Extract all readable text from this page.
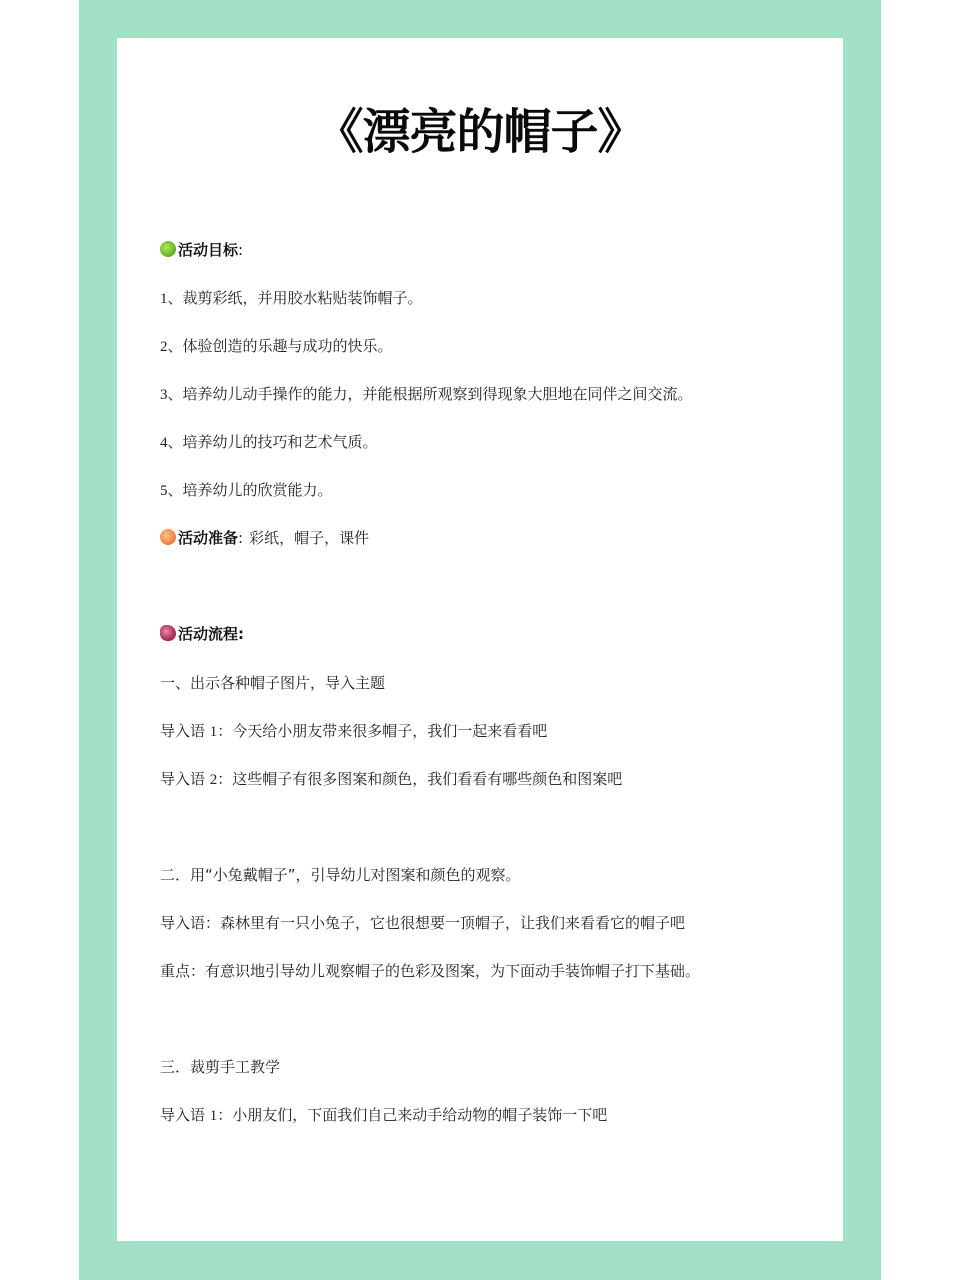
《漂亮的帽子》
活动目标:
1、裁剪彩纸，并用胶水粘贴装饰帽子。
2、体验创造的乐趣与成功的快乐。
3、培养幼儿动手操作的能力，并能根据所观察到得现象大胆地在同伴之间交流。
4、培养幼儿的技巧和艺术气质。
5、培养幼儿的欣赏能力。
活动准备: 彩纸，帽子，课件
活动流程:
一、出示各种帽子图片，导入主题
导入语 1：今天给小朋友带来很多帽子，我们一起来看看吧
导入语 2：这些帽子有很多图案和颜色，我们看看有哪些颜色和图案吧
二．用“小兔戴帽子”，引导幼儿对图案和颜色的观察。
导入语：森林里有一只小兔子，它也很想要一顶帽子，让我们来看看它的帽子吧
重点：有意识地引导幼儿观察帽子的色彩及图案，为下面动手装饰帽子打下基础。
三．裁剪手工教学
导入语 1：小朋友们，下面我们自己来动手给动物的帽子装饰一下吧
